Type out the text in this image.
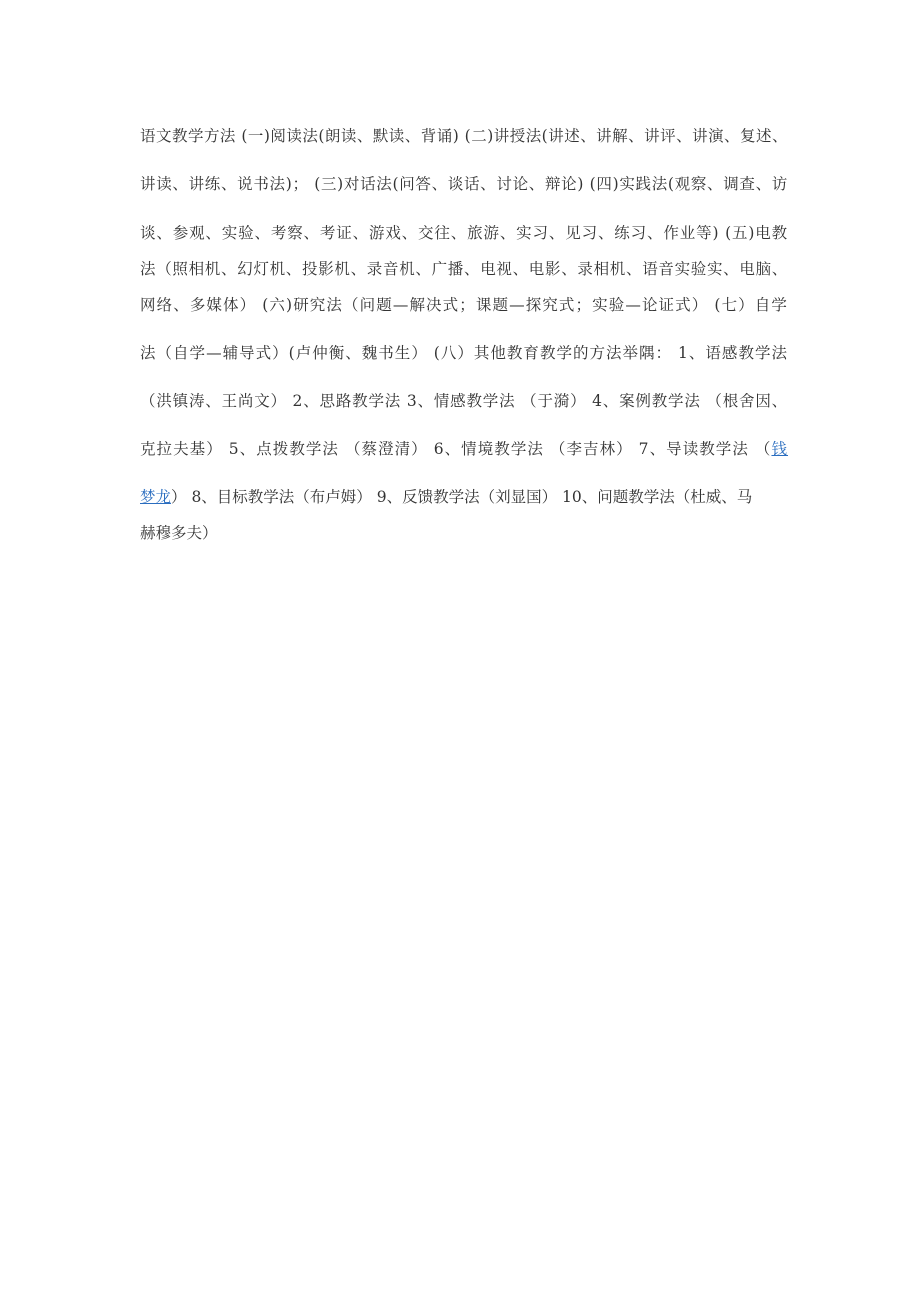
语文教学方法 (一)阅读法(朗读、默读、背诵) (二)讲授法(讲述、讲解、讲评、讲演、复述、
讲读、讲练、说书法)； (三)对话法(问答、谈话、讨论、辩论) (四)实践法(观察、调查、访
谈、参观、实验、考察、考证、游戏、交往、旅游、实习、见习、练习、作业等) (五)电教
法（照相机、幻灯机、投影机、录音机、广播、电视、电影、录相机、语音实验实、电脑、
网络、多媒体） (六)研究法（问题—解决式；课题—探究式；实验—论证式） (七）自学
法（自学—辅导式）(卢仲衡、魏书生） (八）其他教育教学的方法举隅： 1、语感教学法
（洪镇涛、王尚文） 2、思路教学法 3、情感教学法 （于漪） 4、案例教学法 （根舍因、
克拉夫基） 5、点拨教学法 （蔡澄清） 6、情境教学法 （李吉林） 7、导读教学法 （钱
梦龙 ） 8、目标教学法（布卢姆） 9、反馈教学法（刘显国） 10、问题教学法（杜威、马
赫穆多夫）
